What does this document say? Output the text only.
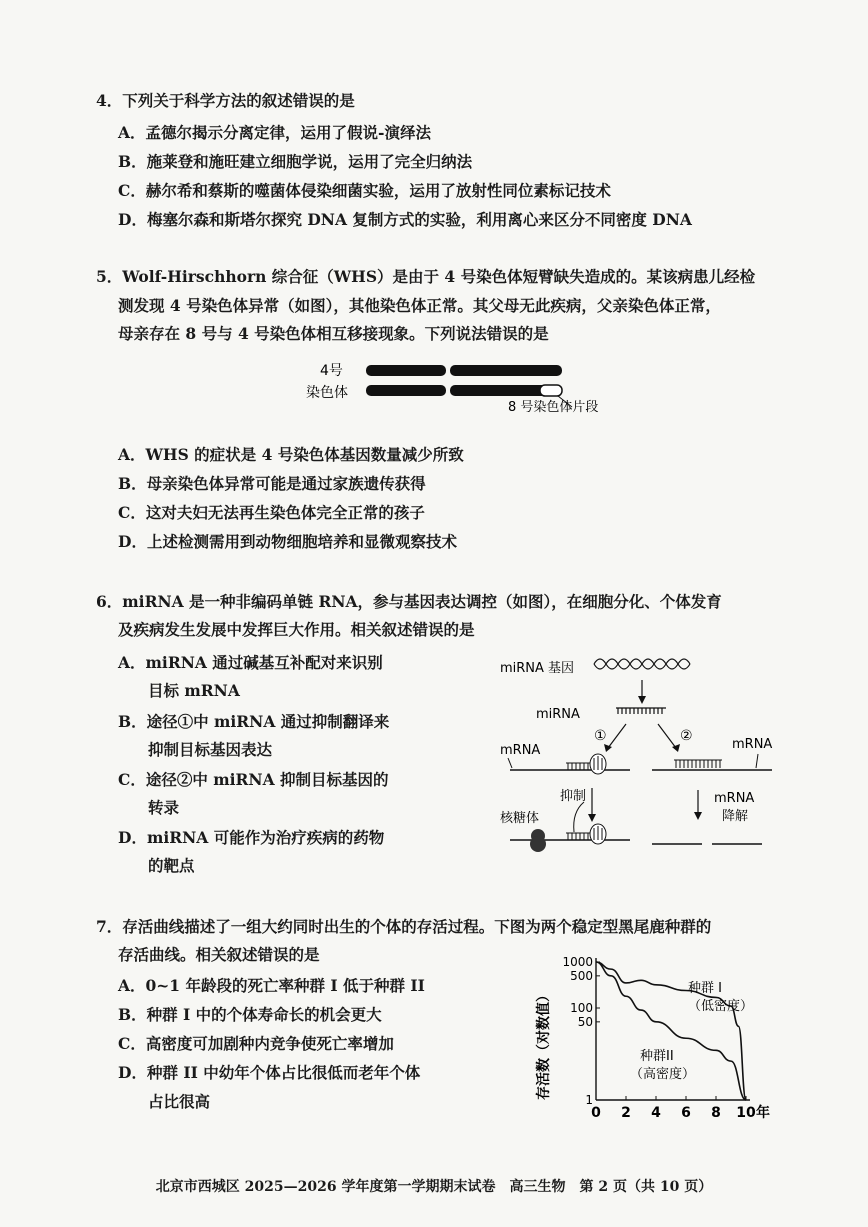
4．下列关于科学方法的叙述错误的是
A．孟德尔揭示分离定律，运用了假说-演绎法
B．施莱登和施旺建立细胞学说，运用了完全归纳法
C．赫尔希和蔡斯的噬菌体侵染细菌实验，运用了放射性同位素标记技术
D．梅塞尔森和斯塔尔探究 DNA 复制方式的实验，利用离心来区分不同密度 DNA
5．Wolf-Hirschhorn 综合征（WHS）是由于 4 号染色体短臂缺失造成的。某该病患儿经检
测发现 4 号染色体异常（如图），其他染色体正常。其父母无此疾病，父亲染色体正常，
母亲存在 8 号与 4 号染色体相互移接现象。下列说法错误的是
4号
染色体
8 号染色体片段
A．WHS 的症状是 4 号染色体基因数量减少所致
B．母亲染色体异常可能是通过家族遗传获得
C．这对夫妇无法再生染色体完全正常的孩子
D．上述检测需用到动物细胞培养和显微观察技术
6．miRNA 是一种非编码单链 RNA，参与基因表达调控（如图），在细胞分化、个体发育
及疾病发生发展中发挥巨大作用。相关叙述错误的是
A．miRNA 通过碱基互补配对来识别
目标 mRNA
B．途径①中 miRNA 通过抑制翻译来
抑制目标基因表达
C．途径②中 miRNA 抑制目标基因的
转录
D．miRNA 可能作为治疗疾病的药物
的靶点
miRNA 基因
miRNA
①	②
mRNA	mRNA
抑制
核糖体
mRNA
降解
7．存活曲线描述了一组大约同时出生的个体的存活过程。下图为两个稳定型黑尾鹿种群的
存活曲线。相关叙述错误的是
A．0~1 年龄段的死亡率种群 I 低于种群 II
B．种群 I 中的个体寿命长的机会更大
C．高密度可加剧种内竞争使死亡率增加
D．种群 II 中幼年个体占比很低而老年个体
占比很高
存活数（对数值）	1
50
100
500
1000
0 2 4 6 8 10 年
种群 I
（低密度）
种群II
（高密度）
北京市西城区 2025—2026 学年度第一学期期末试卷　高三生物　第 2 页（共 10 页）
